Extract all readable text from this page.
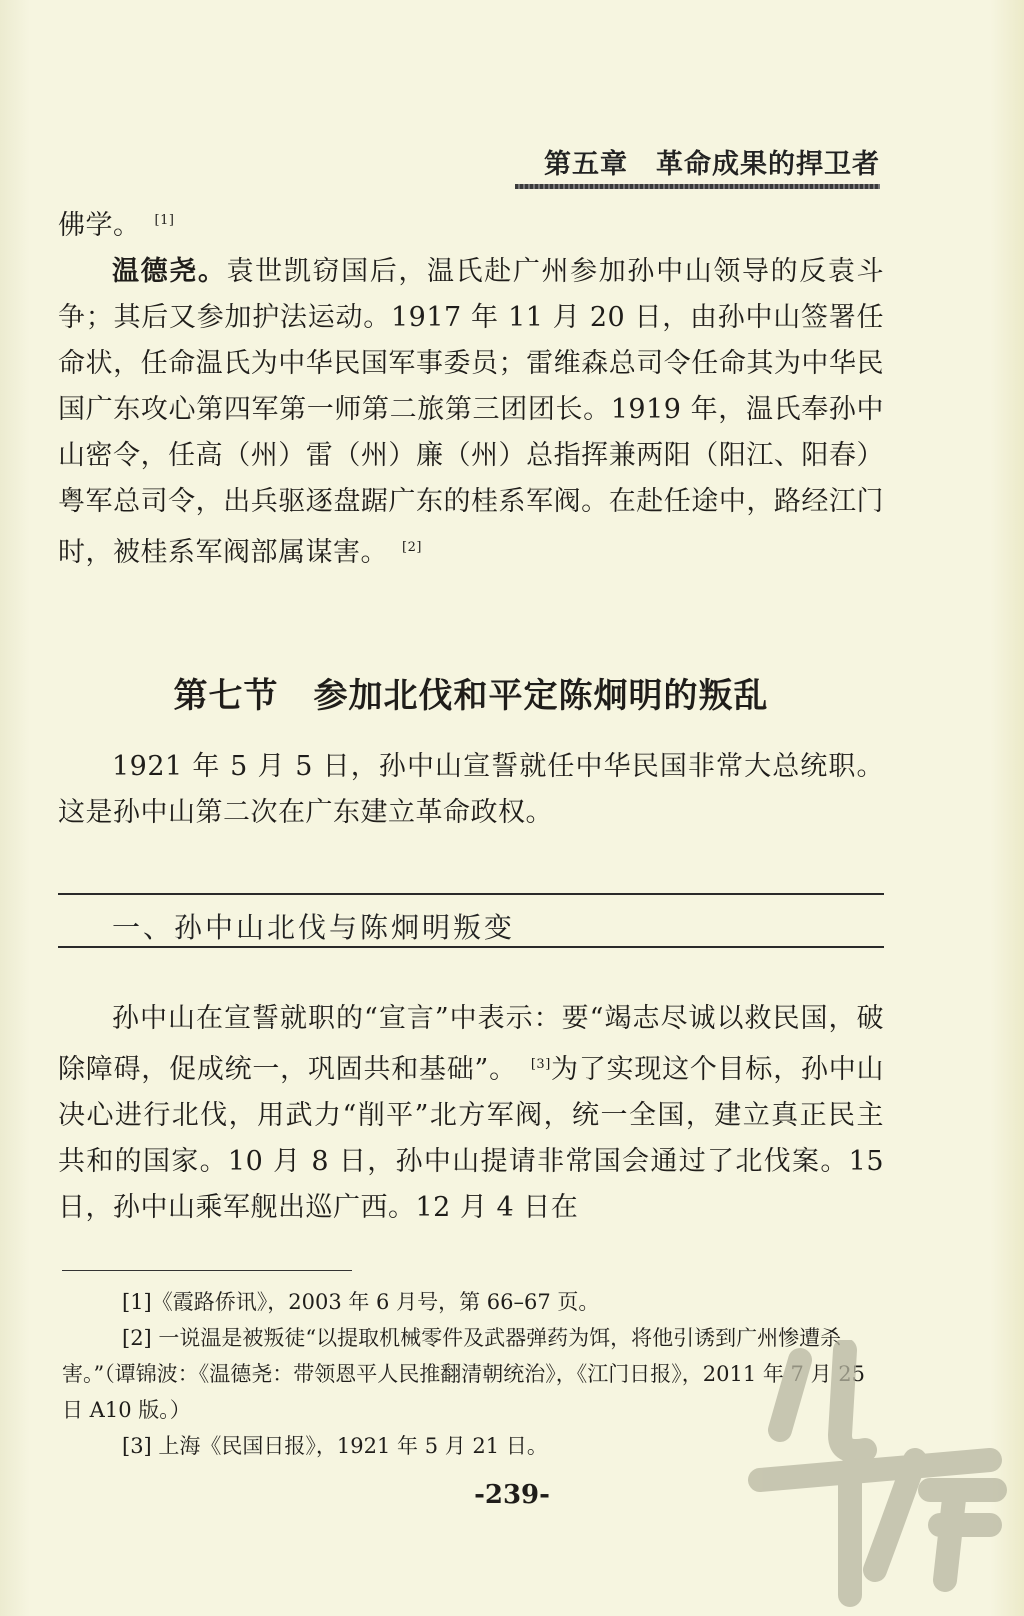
第五章　革命成果的捍卫者

佛学。 [1]

温德尧。袁世凯窃国后，温氏赴广州参加孙中山领导的反袁斗争；其后又参加护法运动。1917 年 11 月 20 日，由孙中山签署任命状，任命温氏为中华民国军事委员；雷维森总司令任命其为中华民国广东攻心第四军第一师第二旅第三团团长。1919 年，温氏奉孙中山密令，任高（州）雷（州）廉（州）总指挥兼两阳（阳江、阳春）粤军总司令，出兵驱逐盘踞广东的桂系军阀。在赴任途中，路经江门时，被桂系军阀部属谋害。 [2]

第七节　参加北伐和平定陈炯明的叛乱

1921 年 5 月 5 日，孙中山宣誓就任中华民国非常大总统职。这是孙中山第二次在广东建立革命政权。

一、孙中山北伐与陈炯明叛变

孙中山在宣誓就职的“宣言”中表示：要“竭志尽诚以救民国，破除障碍，促成统一，巩固共和基础”。 [3]为了实现这个目标，孙中山决心进行北伐，用武力“削平”北方军阀，统一全国，建立真正民主共和的国家。10 月 8 日，孙中山提请非常国会通过了北伐案。15 日，孙中山乘军舰出巡广西。12 月 4 日在

[1]《霞路侨讯》，2003 年 6 月号，第 66–67 页。

[2] 一说温是被叛徒“以提取机械零件及武器弹药为饵，将他引诱到广州惨遭杀害。”（谭锦波：《温德尧：带领恩平人民推翻清朝统治》，《江门日报》，2011 年 7 月 25 日 A10 版。）

[3] 上海《民国日报》，1921 年 5 月 21 日。

-239-
